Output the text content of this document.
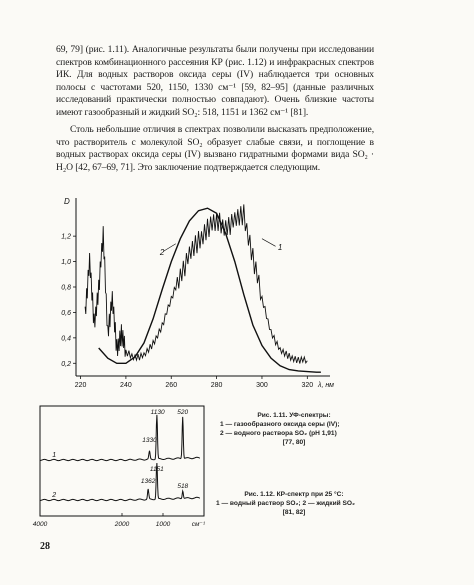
69, 79] (рис. 1.11). Аналогичные результаты были получены при исследовании спектров комбинационного рассеяния КР (рис. 1.12) и инфракрасных спектров ИК. Для водных растворов оксида серы (IV) наблюдается три основных полосы с частотами 520, 1150, 1330 см⁻¹ [59, 82–95] (данные различных исследований практически полностью совпадают). Очень близкие частоты имеют газообразный и жидкий SO₂: 518, 1151 и 1362 см⁻¹ [81].

Столь небольшие отличия в спектрах позволили высказать предположение, что растворитель с молекулой SO₂ образует слабые связи, и поглощение в водных растворах оксида серы (IV) вызвано гидратными формами вида SO₂ · H₂O [42, 67–69, 71]. Это заключение подтверждается следующим.

220	240	260	280	300	320
1,2
1,0
0,8
0,6
0,4
0,2
D
λ, нм
2
1
4000	2000	1000	см⁻¹
1
2
1130 520
1330
1151
1362
518
Рис. 1.11. УФ-спектры:
1 — газообразного оксида серы (IV);
2 — водного раствора SO₂ (рН 1,91)
[77, 80]
Рис. 1.12. КР-спектр при 25 °С:
1 — водный раствор SO₂; 2 — жидкий SO₂
[81, 82]
28
